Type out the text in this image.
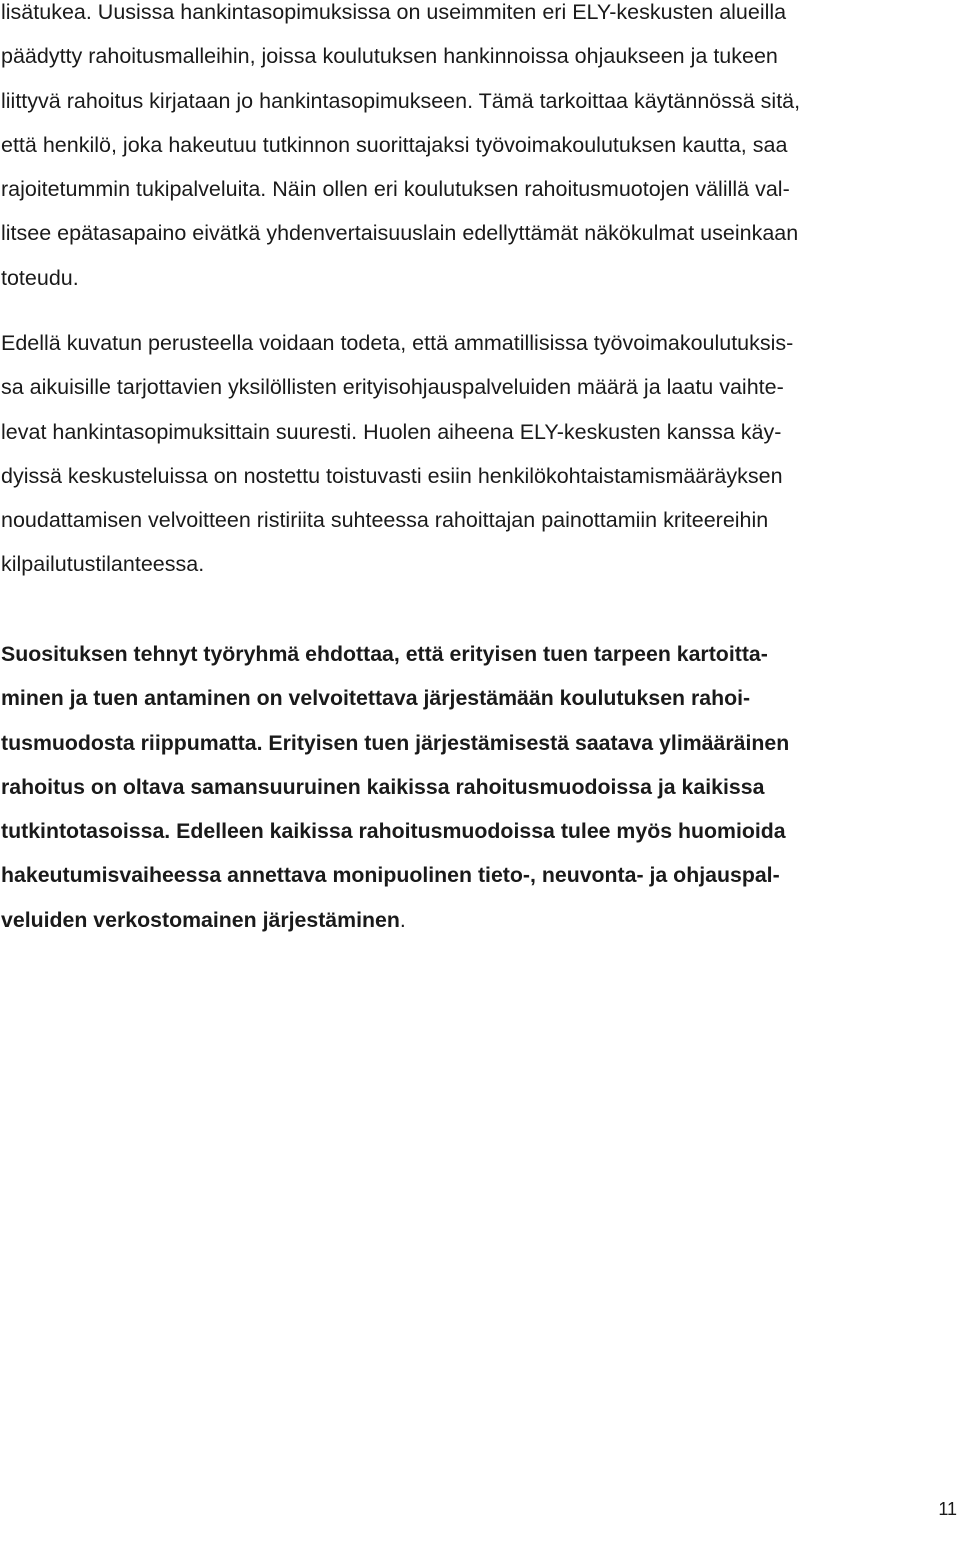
lisätukea. Uusissa hankintasopimuksissa on useimmiten eri ELY-keskusten alueilla
päädytty rahoitusmalleihin, joissa koulutuksen hankinnoissa ohjaukseen ja tukeen
liittyvä rahoitus kirjataan jo hankintasopimukseen. Tämä tarkoittaa käytännössä sitä,
että henkilö, joka hakeutuu tutkinnon suorittajaksi työvoimakoulutuksen kautta, saa
rajoitetummin tukipalveluita. Näin ollen eri koulutuksen rahoitusmuotojen välillä val-
litsee epätasapaino eivätkä yhdenvertaisuuslain edellyttämät näkökulmat useinkaan
toteudu.
Edellä kuvatun perusteella voidaan todeta, että ammatillisissa työvoimakoulutuksis-
sa aikuisille tarjottavien yksilöllisten erityisohjauspalveluiden määrä ja laatu vaihte-
levat hankintasopimuksittain suuresti. Huolen aiheena ELY-keskusten kanssa käy-
dyissä keskusteluissa on nostettu toistuvasti esiin henkilökohtaistamismääräyksen
noudattamisen velvoitteen ristiriita suhteessa rahoittajan painottamiin kriteereihin
kilpailutustilanteessa.
Suosituksen tehnyt työryhmä ehdottaa, että erityisen tuen tarpeen kartoitta-
minen ja tuen antaminen on velvoitettava järjestämään koulutuksen rahoi-
tusmuodosta riippumatta. Erityisen tuen järjestämisestä saatava ylimääräinen
rahoitus on oltava samansuuruinen kaikissa rahoitusmuodoissa ja kaikissa
tutkintotasoissa. Edelleen kaikissa rahoitusmuodoissa tulee myös huomioida
hakeutumisvaiheessa annettava monipuolinen tieto-, neuvonta- ja ohjauspal-
veluiden verkostomainen järjestäminen.

11
